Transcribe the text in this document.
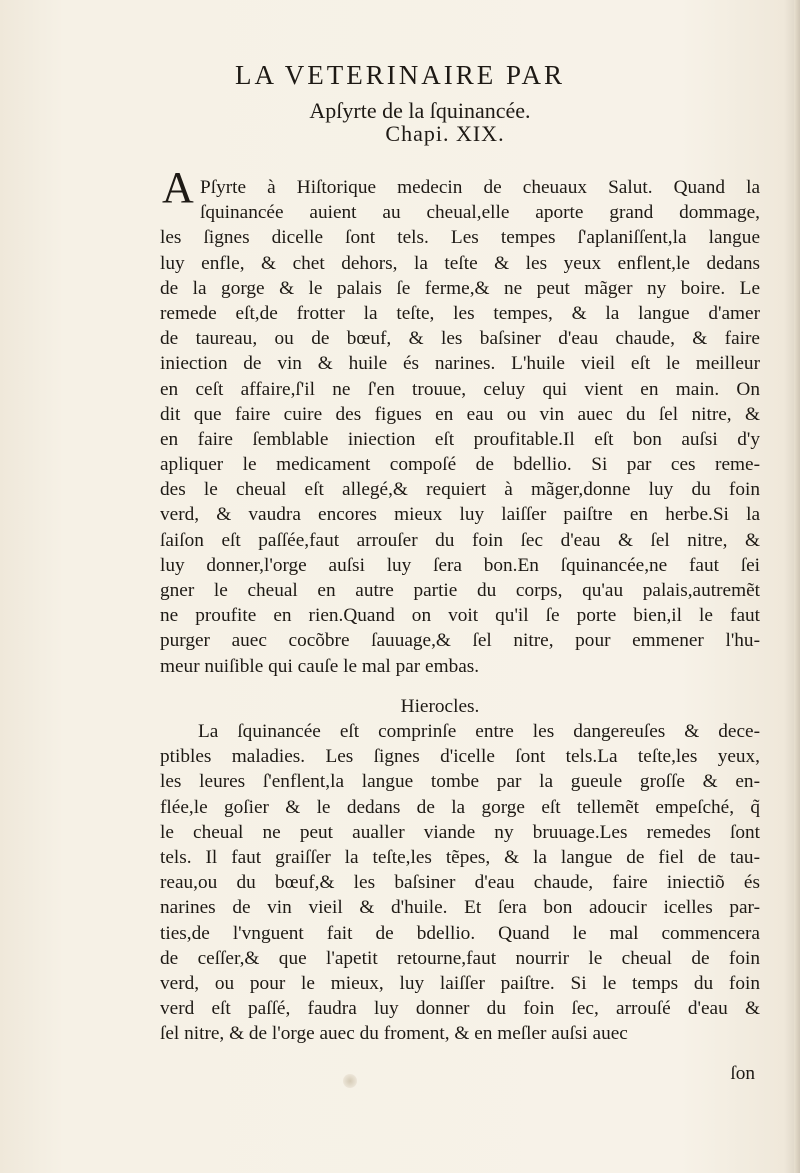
LA VETERINAIRE PAR
Apſyrte de la ſquinancée.
Chapi. XIX.
A Pſyrte à Hiſtorique medecin de cheuaux Salut. Quand la
ſquinancée auient au cheual,elle aporte grand dommage,
les ſignes dicelle ſont tels. Les tempes ſ'aplaniſſent,la langue
luy enfle, & chet dehors, la teſte & les yeux enflent,le dedans
de la gorge & le palais ſe ferme,& ne peut mãger ny boire. Le
remede eſt,de frotter la teſte, les tempes, & la langue d'amer
de taureau, ou de bœuf, & les baſsiner d'eau chaude, & faire
iniection de vin & huile és narines. L'huile vieil eſt le meilleur
en ceſt affaire,ſ'il ne ſ'en trouue, celuy qui vient en main. On
dit que faire cuire des figues en eau ou vin auec du ſel nitre, &
en faire ſemblable iniection eſt proufitable.Il eſt bon auſsi d'y
apliquer le medicament compoſé de bdellio. Si par ces reme-
des le cheual eſt allegé,& requiert à mãger,donne luy du foin
verd, & vaudra encores mieux luy laiſſer paiſtre en herbe.Si la
ſaiſon eſt paſſée,faut arrouſer du foin ſec d'eau & ſel nitre, &
luy donner,l'orge auſsi luy ſera bon.En ſquinancée,ne faut ſei
gner le cheual en autre partie du corps, qu'au palais,autremẽt
ne proufite en rien.Quand on voit qu'il ſe porte bien,il le faut
purger auec cocõbre ſauuage,& ſel nitre, pour emmener l'hu-
meur nuiſible qui cauſe le mal par embas.
Hierocles.
La ſquinancée eſt comprinſe entre les dangereuſes & dece-
ptibles maladies. Les ſignes d'icelle ſont tels.La teſte,les yeux,
les leures ſ'enflent,la langue tombe par la gueule groſſe & en-
flée,le goſier & le dedans de la gorge eſt tellemẽt empeſché, q̃
le cheual ne peut aualler viande ny bruuage.Les remedes ſont
tels. Il faut graiſſer la teſte,les tẽpes, & la langue de fiel de tau-
reau,ou du bœuf,& les baſsiner d'eau chaude, faire iniectiõ és
narines de vin vieil & d'huile. Et ſera bon adoucir icelles par-
ties,de l'vnguent fait de bdellio. Quand le mal commencera
de ceſſer,& que l'apetit retourne,faut nourrir le cheual de foin
verd, ou pour le mieux, luy laiſſer paiſtre. Si le temps du foin
verd eſt paſſé, faudra luy donner du foin ſec, arrouſé d'eau &
ſel nitre, & de l'orge auec du froment, & en meſler auſsi auec
ſon
